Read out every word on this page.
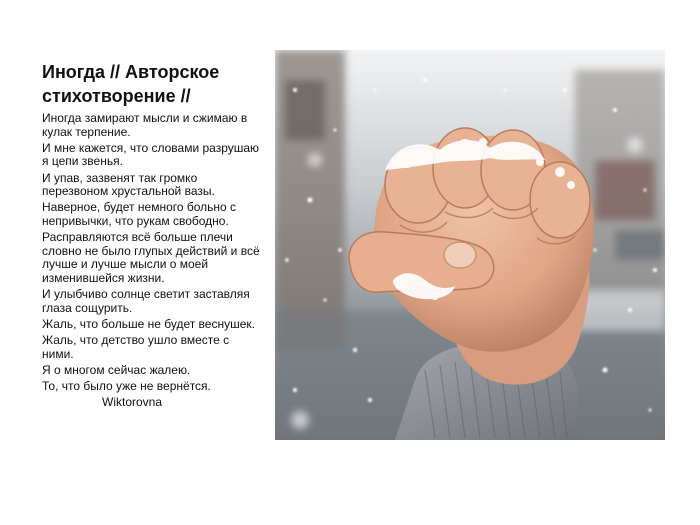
Иногда // Авторское стихотворение //

Иногда замирают мысли и сжимаю в кулак терпение.

И мне кажется, что словами разрушаю я цепи звенья.

И упав, зазвенят так громко перезвоном хрустальной вазы.

Наверное, будет немного больно с непривычки, что рукам свободно.

Расправляются всё больше плечи словно не было глупых действий и всё лучше и лучше мысли о моей изменившейся жизни.

И улыбчиво солнце светит заставляя глаза сощурить.

Жаль, что больше не будет веснушек.

Жаль, что детство ушло вместе с ними.

Я о многом сейчас жалею.

То, что было уже не вернётся.

Wiktorovna
